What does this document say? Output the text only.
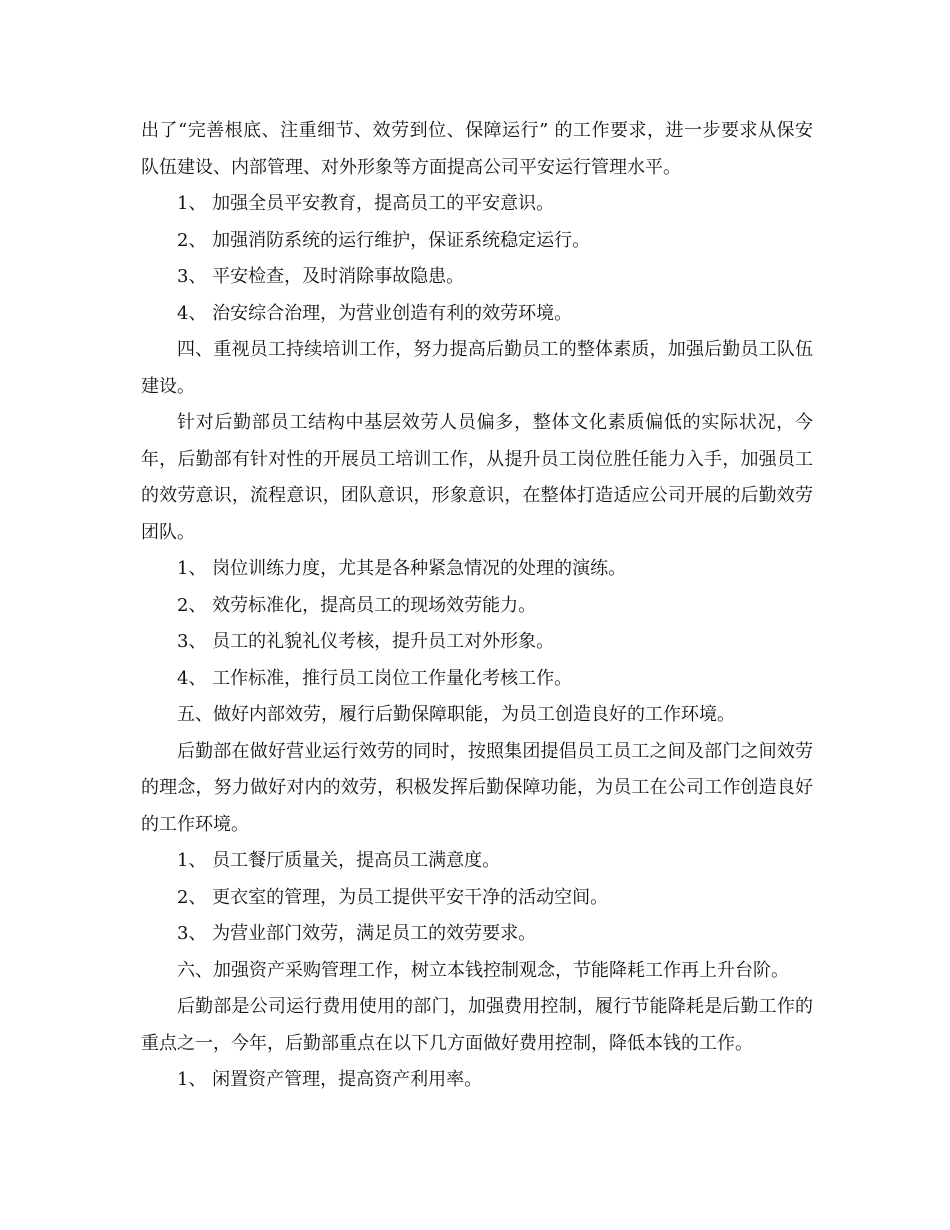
出了“完善根底、注重细节、效劳到位、保障运行” 的工作要求，进一步要求从保安队伍建设、内部管理、对外形象等方面提高公司平安运行管理水平。

1、 加强全员平安教育，提高员工的平安意识。

2、 加强消防系统的运行维护，保证系统稳定运行。

3、 平安检查，及时消除事故隐患。

4、 治安综合治理，为营业创造有利的效劳环境。

四、重视员工持续培训工作，努力提高后勤员工的整体素质，加强后勤员工队伍建设。

针对后勤部员工结构中基层效劳人员偏多，整体文化素质偏低的实际状况，今年，后勤部有针对性的开展员工培训工作，从提升员工岗位胜任能力入手，加强员工的效劳意识，流程意识，团队意识，形象意识，在整体打造适应公司开展的后勤效劳团队。

1、 岗位训练力度，尤其是各种紧急情况的处理的演练。

2、 效劳标准化，提高员工的现场效劳能力。

3、 员工的礼貌礼仪考核，提升员工对外形象。

4、 工作标准，推行员工岗位工作量化考核工作。

五、做好内部效劳，履行后勤保障职能，为员工创造良好的工作环境。

后勤部在做好营业运行效劳的同时，按照集团提倡员工员工之间及部门之间效劳的理念，努力做好对内的效劳，积极发挥后勤保障功能，为员工在公司工作创造良好的工作环境。

1、 员工餐厅质量关，提高员工满意度。

2、 更衣室的管理，为员工提供平安干净的活动空间。

3、 为营业部门效劳，满足员工的效劳要求。

六、加强资产采购管理工作，树立本钱控制观念，节能降耗工作再上升台阶。

后勤部是公司运行费用使用的部门，加强费用控制，履行节能降耗是后勤工作的重点之一，今年，后勤部重点在以下几方面做好费用控制，降低本钱的工作。

1、 闲置资产管理，提高资产利用率。
